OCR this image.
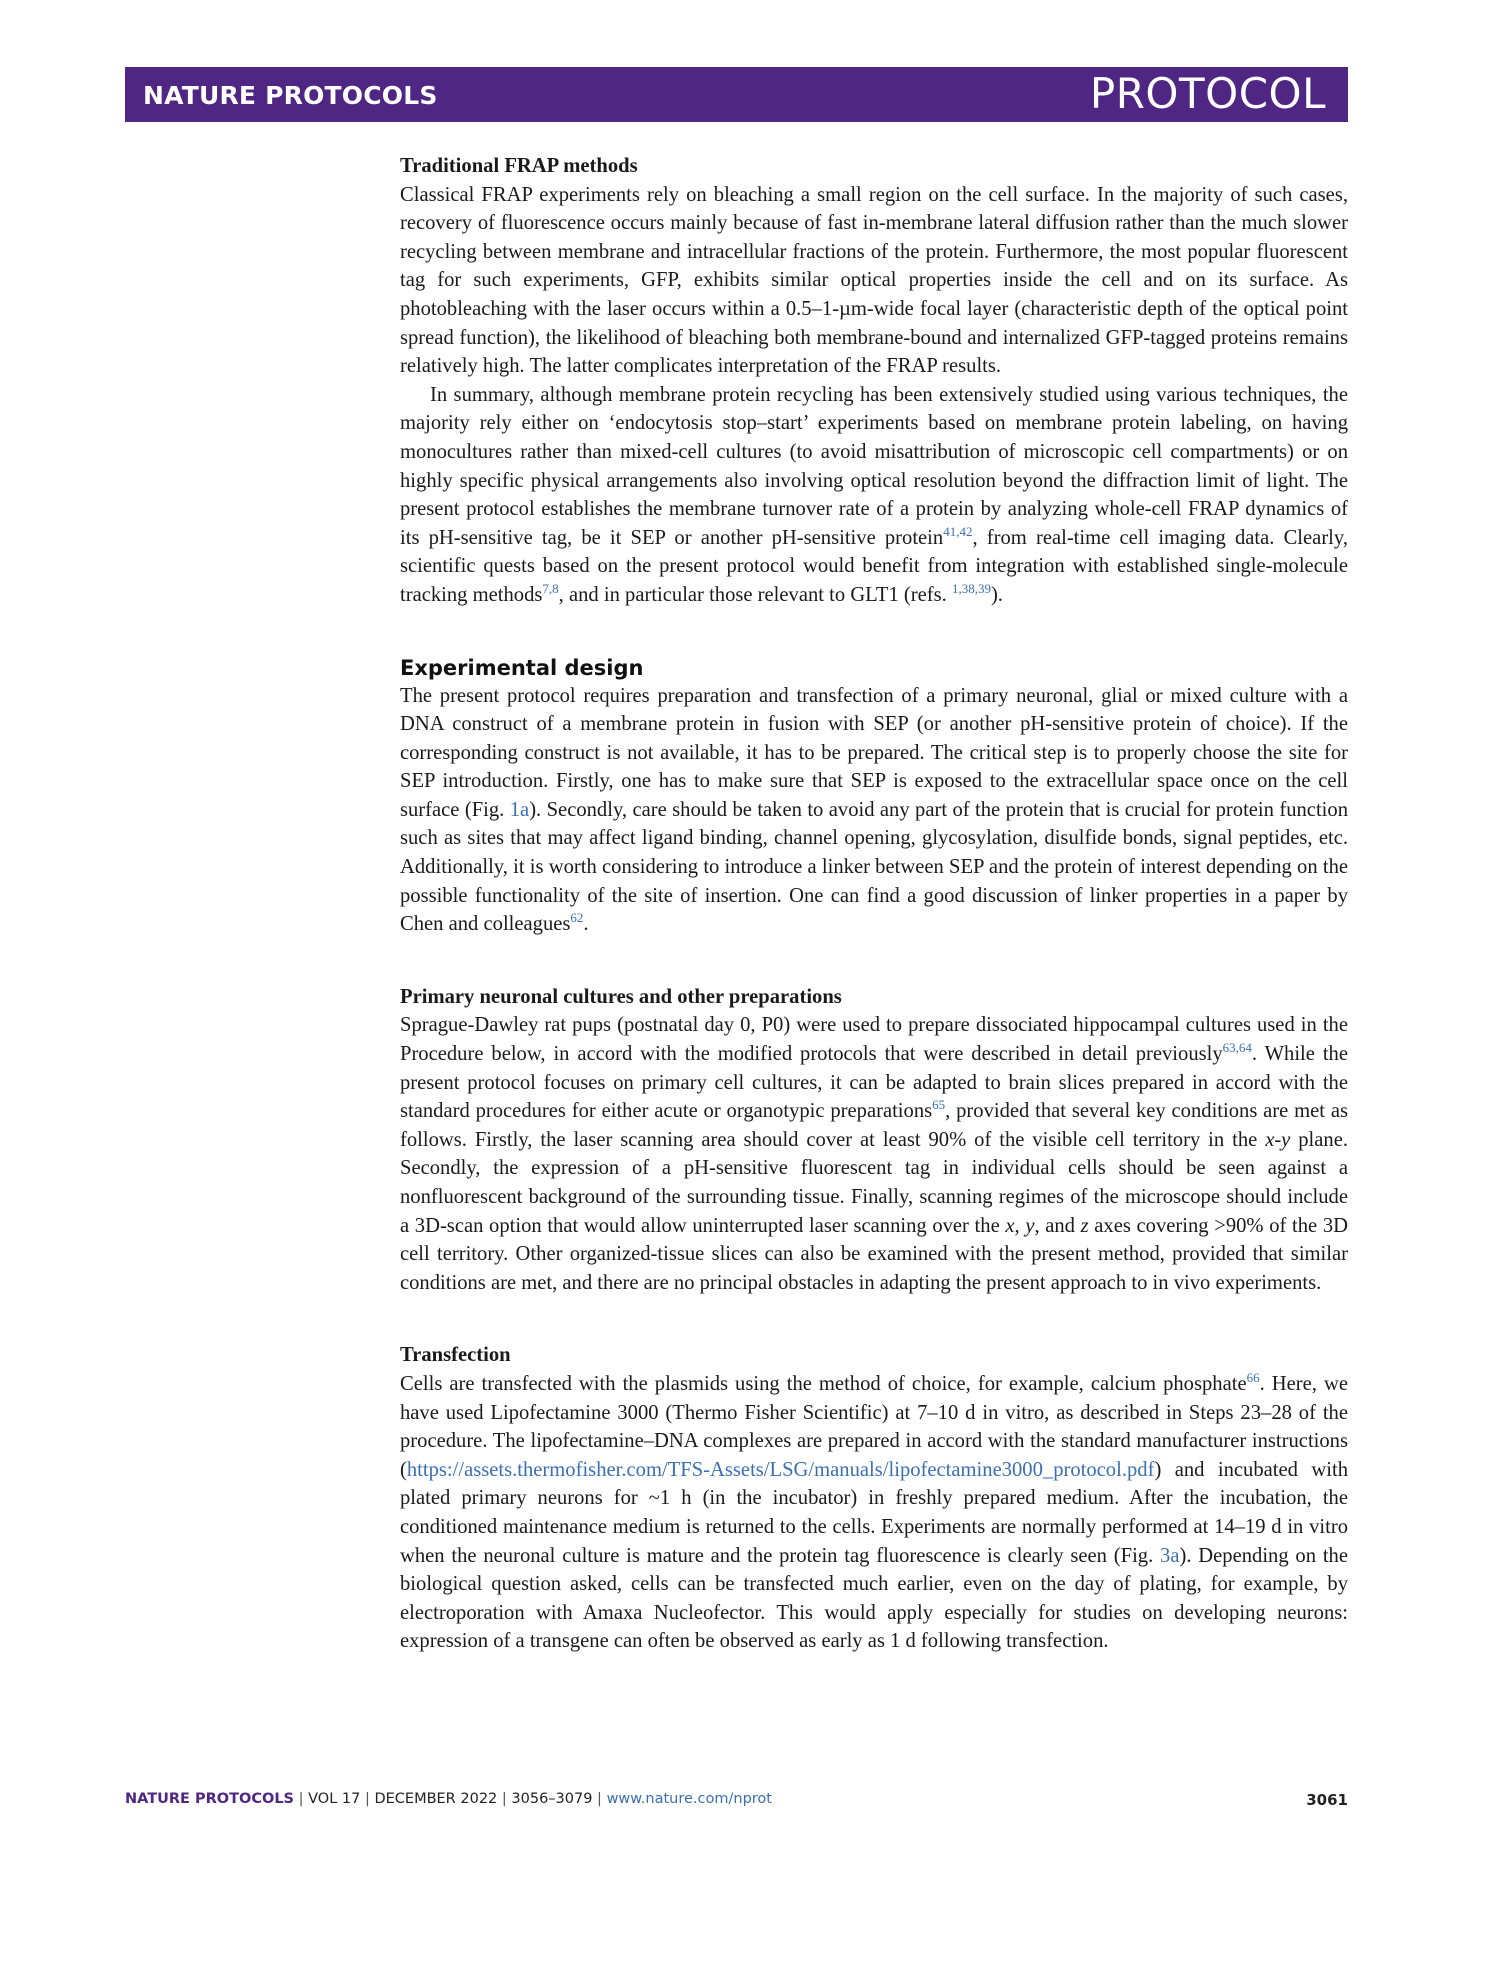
NATURE PROTOCOLS	PROTOCOL
Traditional FRAP methods

Classical FRAP experiments rely on bleaching a small region on the cell surface. In the majority of such cases, recovery of fluorescence occurs mainly because of fast in-membrane lateral diffusion rather than the much slower recycling between membrane and intracellular fractions of the protein. Furthermore, the most popular fluorescent tag for such experiments, GFP, exhibits similar optical properties inside the cell and on its surface. As photobleaching with the laser occurs within a 0.5–1-µm-wide focal layer (characteristic depth of the optical point spread function), the likelihood of bleaching both membrane-bound and internalized GFP-tagged proteins remains relatively high. The latter complicates interpretation of the FRAP results.

In summary, although membrane protein recycling has been extensively studied using various techniques, the majority rely either on ‘endocytosis stop–start’ experiments based on membrane protein labeling, on having monocultures rather than mixed-cell cultures (to avoid misattribution of microscopic cell compartments) or on highly specific physical arrangements also involving optical resolution beyond the diffraction limit of light. The present protocol establishes the membrane turnover rate of a protein by analyzing whole-cell FRAP dynamics of its pH-sensitive tag, be it SEP or another pH-sensitive protein$^{41,42}$, from real-time cell imaging data. Clearly, scientific quests based on the present protocol would benefit from integration with established single-molecule tracking methods$^{7,8}$, and in particular those relevant to GLT1 (refs. $^{1,38,39}$).

Experimental design

The present protocol requires preparation and transfection of a primary neuronal, glial or mixed culture with a DNA construct of a membrane protein in fusion with SEP (or another pH-sensitive protein of choice). If the corresponding construct is not available, it has to be prepared. The critical step is to properly choose the site for SEP introduction. Firstly, one has to make sure that SEP is exposed to the extracellular space once on the cell surface (Fig. 1a). Secondly, care should be taken to avoid any part of the protein that is crucial for protein function such as sites that may affect ligand binding, channel opening, glycosylation, disulfide bonds, signal peptides, etc. Additionally, it is worth considering to introduce a linker between SEP and the protein of interest depending on the possible functionality of the site of insertion. One can find a good discussion of linker properties in a paper by Chen and colleagues$^{62}$.

Primary neuronal cultures and other preparations

Sprague-Dawley rat pups (postnatal day 0, P0) were used to prepare dissociated hippocampal cultures used in the Procedure below, in accord with the modified protocols that were described in detail previously$^{63,64}$. While the present protocol focuses on primary cell cultures, it can be adapted to brain slices prepared in accord with the standard procedures for either acute or organotypic preparations$^{65}$, provided that several key conditions are met as follows. Firstly, the laser scanning area should cover at least 90% of the visible cell territory in the x-y plane. Secondly, the expression of a pH-sensitive fluorescent tag in individual cells should be seen against a nonfluorescent background of the surrounding tissue. Finally, scanning regimes of the microscope should include a 3D-scan option that would allow uninterrupted laser scanning over the x, y, and z axes covering >90% of the 3D cell territory. Other organized-tissue slices can also be examined with the present method, provided that similar conditions are met, and there are no principal obstacles in adapting the present approach to in vivo experiments.

Transfection

Cells are transfected with the plasmids using the method of choice, for example, calcium phosphate$^{66}$. Here, we have used Lipofectamine 3000 (Thermo Fisher Scientific) at 7–10 d in vitro, as described in Steps 23–28 of the procedure. The lipofectamine–DNA complexes are prepared in accord with the standard manufacturer instructions (https://assets.thermofisher.com/TFS-Assets/LSG/manuals/lipofectamine3000_protocol.pdf) and incubated with plated primary neurons for ~1 h (in the incubator) in freshly prepared medium. After the incubation, the conditioned maintenance medium is returned to the cells. Experiments are normally performed at 14–19 d in vitro when the neuronal culture is mature and the protein tag fluorescence is clearly seen (Fig. 3a). Depending on the biological question asked, cells can be transfected much earlier, even on the day of plating, for example, by electroporation with Amaxa Nucleofector. This would apply especially for studies on developing neurons: expression of a transgene can often be observed as early as 1 d following transfection.

NATURE PROTOCOLS | VOL 17 | DECEMBER 2022 | 3056–3079 | www.nature.com/nprot	3061
